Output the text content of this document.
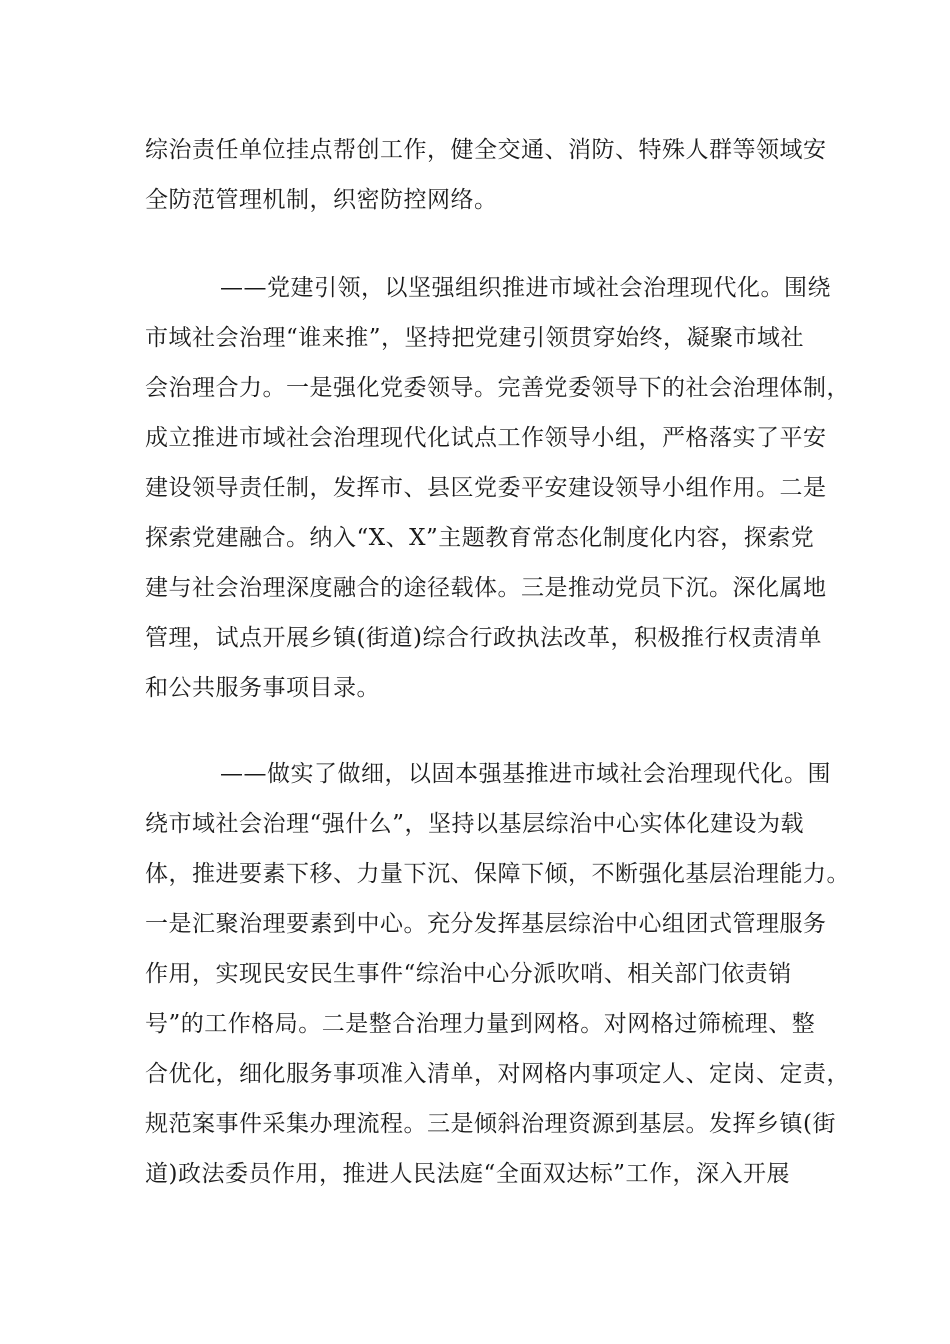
综治责任单位挂点帮创工作，健全交通、消防、特殊人群等领域安
全防范管理机制，织密防控网络。
——党建引领，以坚强组织推进市域社会治理现代化。围绕
市域社会治理“谁来推”，坚持把党建引领贯穿始终，凝聚市域社
会治理合力。一是强化党委领导。完善党委领导下的社会治理体制，
成立推进市域社会治理现代化试点工作领导小组，严格落实了平安
建设领导责任制，发挥市、县区党委平安建设领导小组作用。二是
探索党建融合。纳入“X、X”主题教育常态化制度化内容，探索党
建与社会治理深度融合的途径载体。三是推动党员下沉。深化属地
管理，试点开展乡镇(街道)综合行政执法改革，积极推行权责清单
和公共服务事项目录。
——做实了做细，以固本强基推进市域社会治理现代化。围
绕市域社会治理“强什么”，坚持以基层综治中心实体化建设为载
体，推进要素下移、力量下沉、保障下倾，不断强化基层治理能力。
一是汇聚治理要素到中心。充分发挥基层综治中心组团式管理服务
作用，实现民安民生事件“综治中心分派吹哨、相关部门依责销
号”的工作格局。二是整合治理力量到网格。对网格过筛梳理、整
合优化，细化服务事项准入清单，对网格内事项定人、定岗、定责，
规范案事件采集办理流程。三是倾斜治理资源到基层。发挥乡镇(街
道)政法委员作用，推进人民法庭“全面双达标”工作，深入开展
